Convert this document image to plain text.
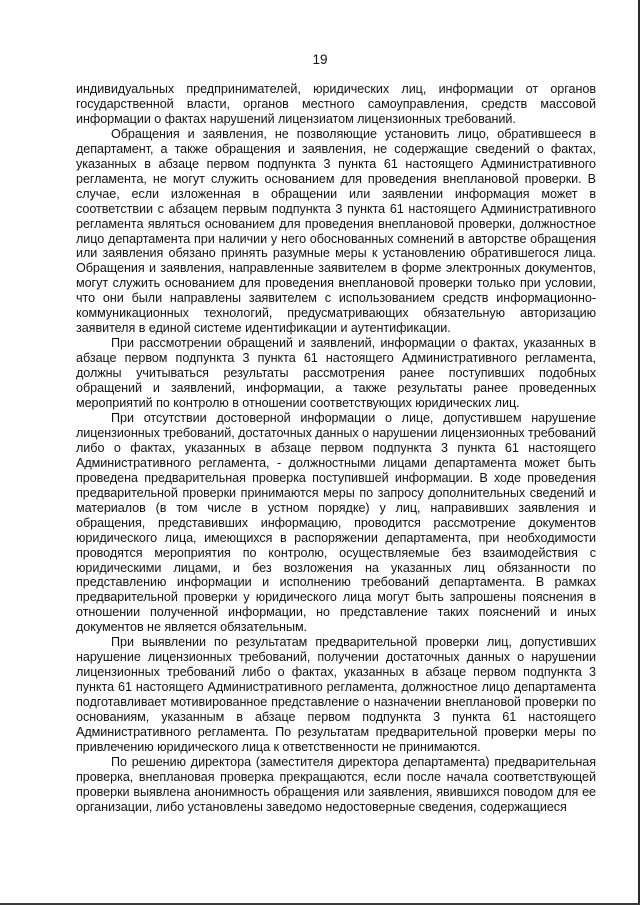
19

индивидуальных предпринимателей, юридических лиц, информации от органов государственной власти, органов местного самоуправления, средств массовой информации о фактах нарушений лицензиатом лицензионных требований.

Обращения и заявления, не позволяющие установить лицо, обратившееся в департамент, а также обращения и заявления, не содержащие сведений о фактах, указанных в абзаце первом подпункта 3 пункта 61 настоящего Административного регламента, не могут служить основанием для проведения внеплановой проверки. В случае, если изложенная в обращении или заявлении информация может в соответствии с абзацем первым подпункта 3 пункта 61 настоящего Административного регламента являться основанием для проведения внеплановой проверки, должностное лицо департамента при наличии у него обоснованных сомнений в авторстве обращения или заявления обязано принять разумные меры к установлению обратившегося лица. Обращения и заявления, направленные заявителем в форме электронных документов, могут служить основанием для проведения внеплановой проверки только при условии, что они были направлены заявителем с использованием средств информационно-коммуникационных технологий, предусматривающих обязательную авторизацию заявителя в единой системе идентификации и аутентификации.

При рассмотрении обращений и заявлений, информации о фактах, указанных в абзаце первом подпункта 3 пункта 61 настоящего Административного регламента, должны учитываться результаты рассмотрения ранее поступивших подобных обращений и заявлений, информации, а также результаты ранее проведенных мероприятий по контролю в отношении соответствующих юридических лиц.

При отсутствии достоверной информации о лице, допустившем нарушение лицензионных требований, достаточных данных о нарушении лицензионных требований либо о фактах, указанных в абзаце первом подпункта 3 пункта 61 настоящего Административного регламента, - должностными лицами департамента может быть проведена предварительная проверка поступившей информации. В ходе проведения предварительной проверки принимаются меры по запросу дополнительных сведений и материалов (в том числе в устном порядке) у лиц, направивших заявления и обращения, представивших информацию, проводится рассмотрение документов юридического лица, имеющихся в распоряжении департамента, при необходимости проводятся мероприятия по контролю, осуществляемые без взаимодействия с юридическими лицами, и без возложения на указанных лиц обязанности по представлению информации и исполнению требований департамента. В рамках предварительной проверки у юридического лица могут быть запрошены пояснения в отношении полученной информации, но представление таких пояснений и иных документов не является обязательным.

При выявлении по результатам предварительной проверки лиц, допустивших нарушение лицензионных требований, получении достаточных данных о нарушении лицензионных требований либо о фактах, указанных в абзаце первом подпункта 3 пункта 61 настоящего Административного регламента, должностное лицо департамента подготавливает мотивированное представление о назначении внеплановой проверки по основаниям, указанным в абзаце первом подпункта 3 пункта 61 настоящего Административного регламента. По результатам предварительной проверки меры по привлечению юридического лица к ответственности не принимаются.

По решению директора (заместителя директора департамента) предварительная проверка, внеплановая проверка прекращаются, если после начала соответствующей проверки выявлена анонимность обращения или заявления, явившихся поводом для ее организации, либо установлены заведомо недостоверные сведения, содержащиеся
